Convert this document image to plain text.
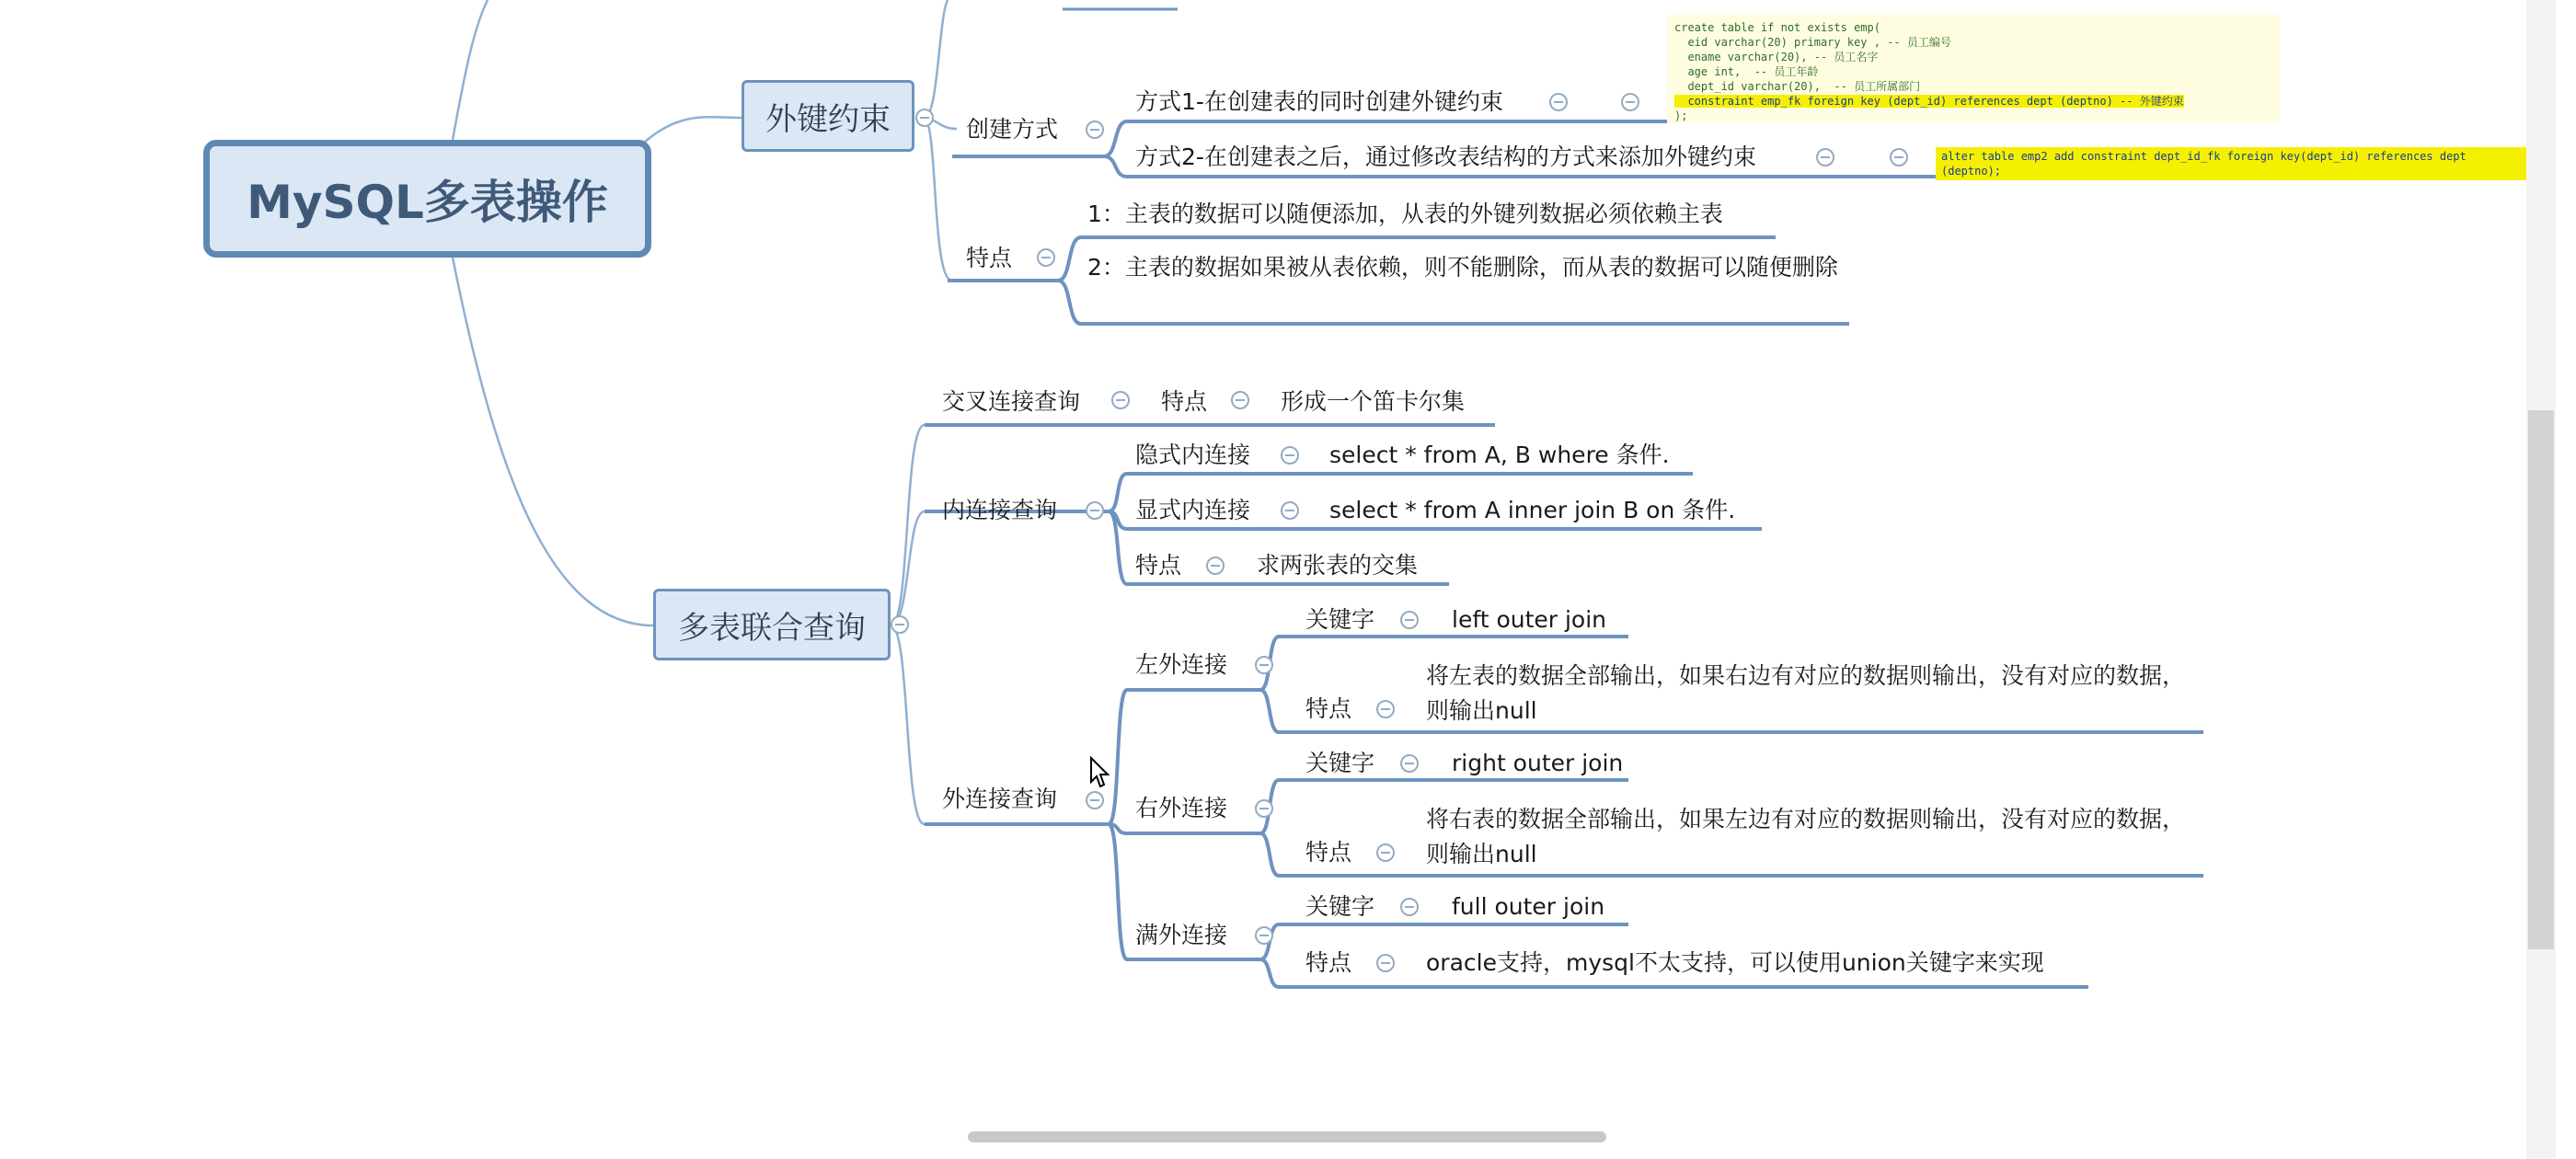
MySQL多表操作
外键约束	创建方式
方式1-在创建表的同时创建外键约束
create table if not exists emp(
eid varchar(20) primary key , -- 员工编号
ename varchar(20), -- 员工名字
age int,  -- 员工年龄
dept_id varchar(20),  -- 员工所属部门
constraint emp_fk foreign key (dept_id) references dept (deptno) -- 外键约束
);
方式2-在创建表之后，通过修改表结构的方式来添加外键约束	alter table emp2 add constraint dept_id_fk foreign key(dept_id) references dept
(deptno);
特点
1：主表的数据可以随便添加，从表的外键列数据必须依赖主表
2：主表的数据如果被从表依赖，则不能删除，而从表的数据可以随便删除
多表联合查询
交叉连接查询	特点	形成一个笛卡尔集
内连接查询
隐式内连接	select * from A, B where 条件.
显式内连接	select * from A inner join B on 条件.
特点	求两张表的交集
外连接查询
左外连接
关键字	left outer join
特点
将左表的数据全部输出，如果右边有对应的数据则输出，没有对应的数据，则输出null
右外连接
关键字	right outer join
特点
将右表的数据全部输出，如果左边有对应的数据则输出，没有对应的数据，则输出null
满外连接
关键字	full outer join
特点	oracle支持，mysql不太支持，可以使用union关键字来实现
